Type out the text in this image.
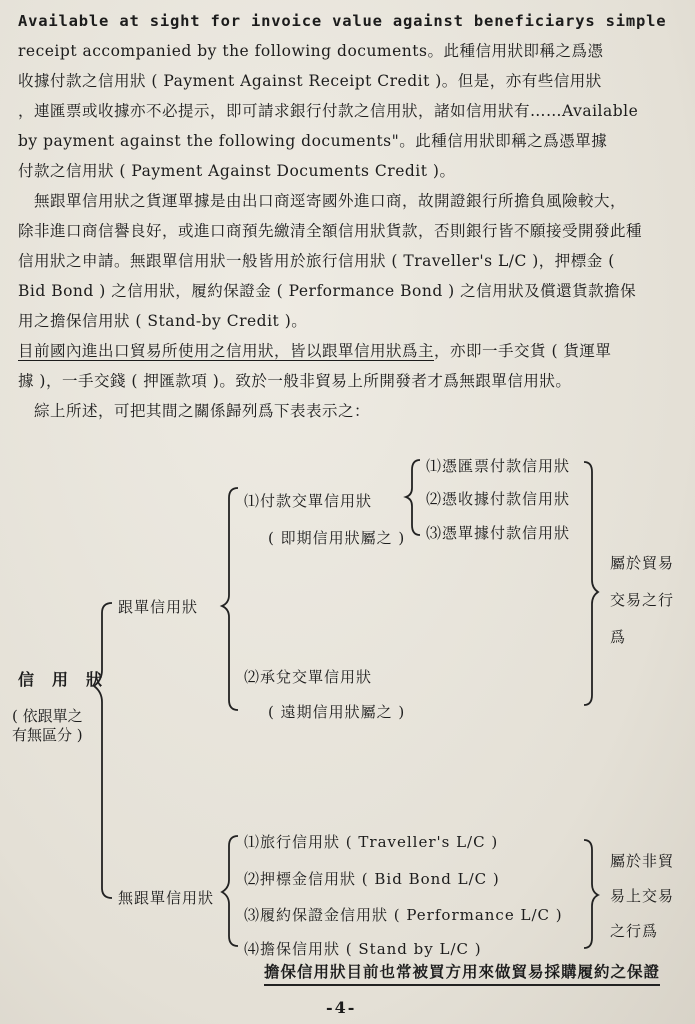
Available at sight for invoice value against beneficiarys simple
receipt accompanied by the following documents。此種信用狀即稱之爲憑
收據付款之信用狀 ( Payment Against Receipt Credit )。但是，亦有些信用狀
，連匯票或收據亦不必提示，即可請求銀行付款之信用狀，諸如信用狀有……Available
by payment against the following documents"。此種信用狀即稱之爲憑單據
付款之信用狀 ( Payment Against Documents Credit )。
　無跟單信用狀之貨運單據是由出口商逕寄國外進口商，故開證銀行所擔負風險較大，
除非進口商信譽良好，或進口商預先繳清全額信用狀貨款，否則銀行皆不願接受開發此種
信用狀之申請。無跟單信用狀一般皆用於旅行信用狀 ( Traveller's L/C )，押標金 (
Bid Bond ) 之信用狀，履約保證金 ( Performance Bond ) 之信用狀及償還貨款擔保
用之擔保信用狀 ( Stand-by Credit )。
目前國內進出口貿易所使用之信用狀，皆以跟單信用狀爲主，亦即一手交貨 ( 貨運單
據 )，一手交錢 ( 押匯款項 )。致於一般非貿易上所開發者才爲無跟單信用狀。
　綜上所述，可把其間之關係歸列爲下表表示之：
信　用　狀
( 依跟單之
有無區分 )
跟單信用狀
⑴付款交單信用狀
( 即期信用狀屬之 )
⑴憑匯票付款信用狀
⑵憑收據付款信用狀
⑶憑單據付款信用狀
⑵承兌交單信用狀
( 遠期信用狀屬之 )
屬於貿易
交易之行
爲
無跟單信用狀
⑴旅行信用狀 ( Traveller's L/C )
⑵押標金信用狀 ( Bid Bond L/C )
⑶履約保證金信用狀 ( Performance L/C )
⑷擔保信用狀 ( Stand by L/C )
屬於非貿
易上交易
之行爲
擔保信用狀目前也常被買方用來做貿易採購履約之保證
-4-
